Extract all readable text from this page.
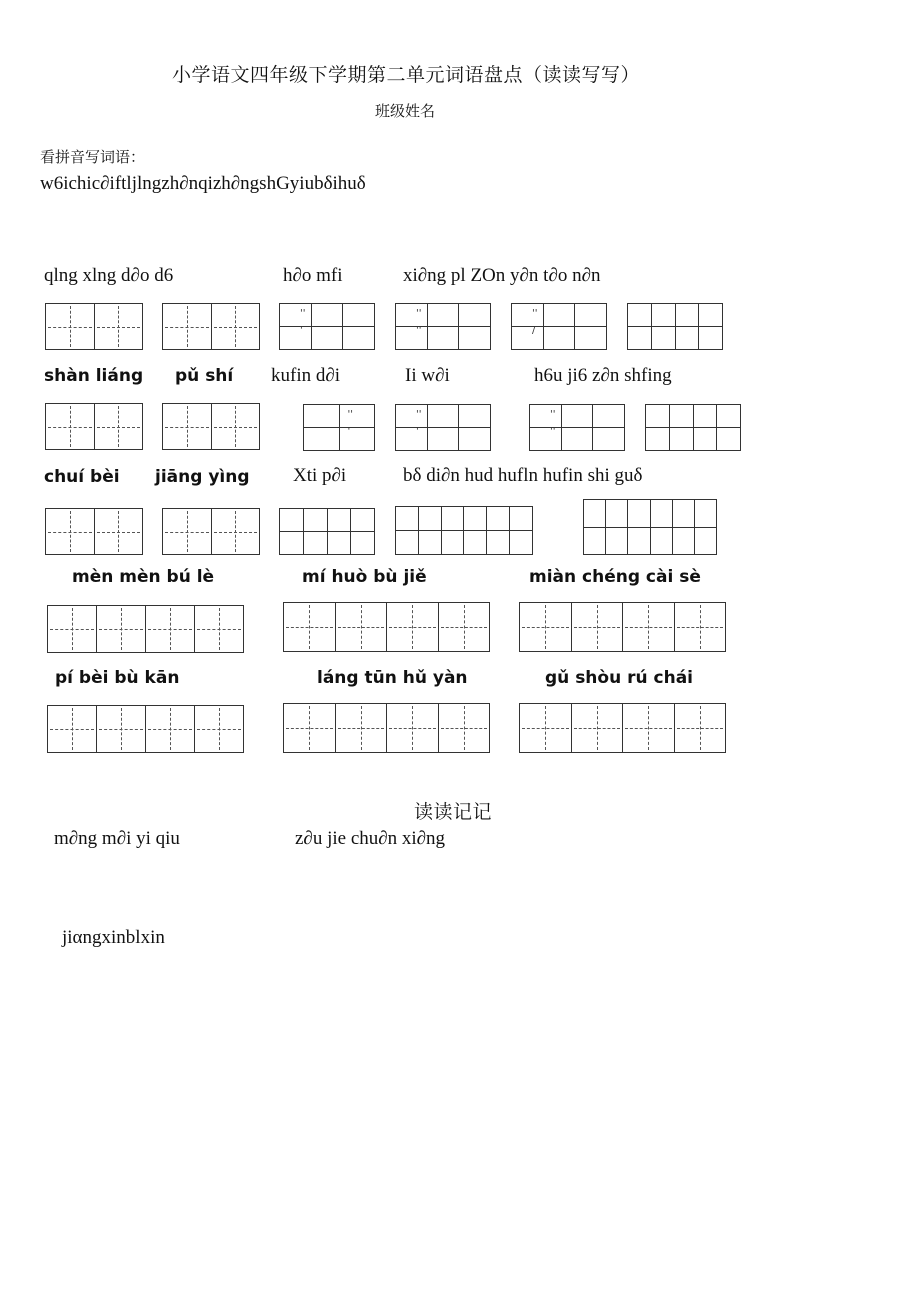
小学语文四年级下学期第二单元词语盘点（读读写写）
班级姓名
看拼音写词语：
w6ichic∂iftljlngzh∂nqizh∂ngshGyiubδihuδ
qlng xlng d∂o d6	h∂o mfi	xi∂ng pl ZOn y∂n t∂o n∂n
''
'
''
''
''
/
shàn liáng pǔ shí kufin d∂i	Ii w∂i	h6u ji6 z∂n shfing
''
'
''
'
''
''
chuí bèi jiāng yìng Xti p∂i	bδ di∂n hud hufln hufin shi guδ
mèn mèn bú lè	mí huò bù jiě	miàn chéng cài sè
pí bèi bù kān	láng tūn hǔ yàn	gǔ shòu rú chái
读读记记
m∂ng m∂i yi qiu	z∂u jie chu∂n xi∂ng
jiαngxinblxin
